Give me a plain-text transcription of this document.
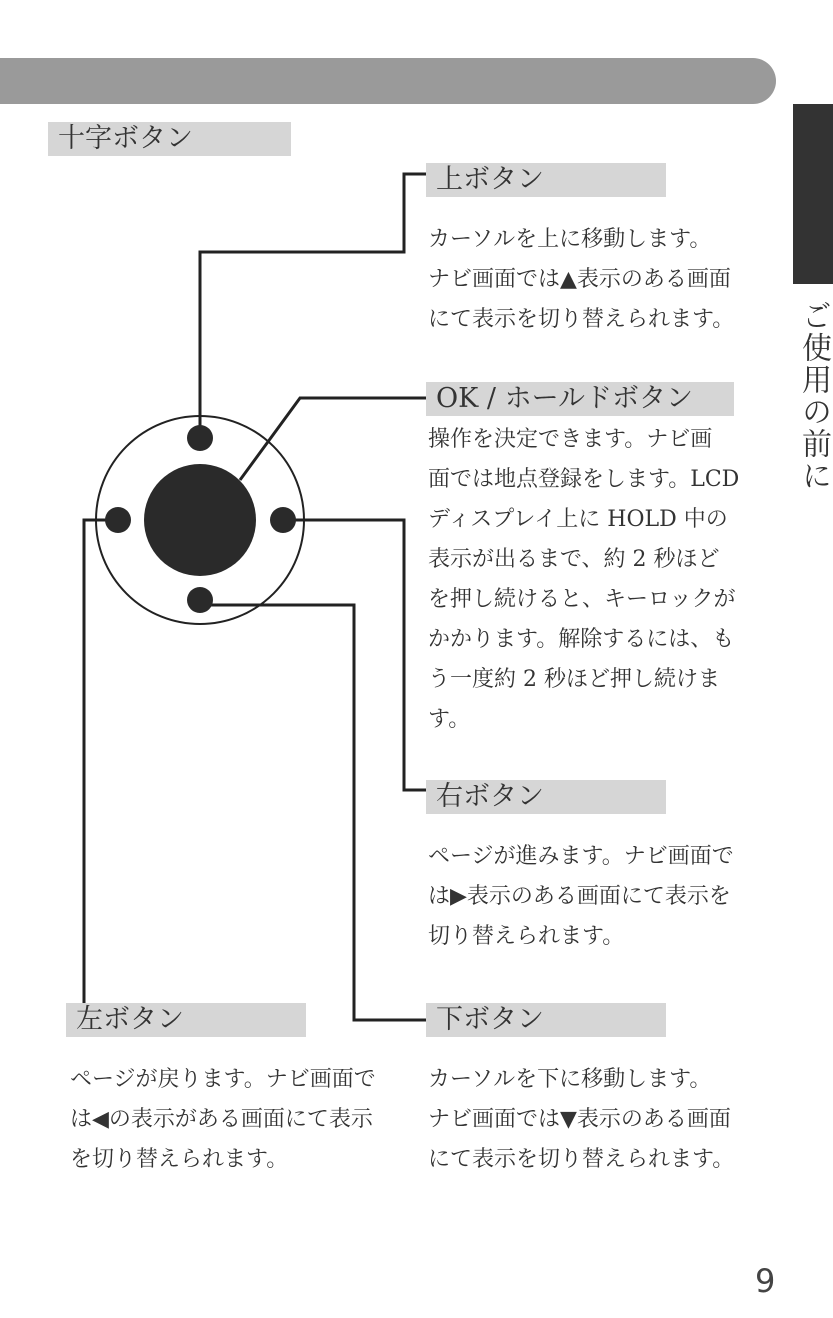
ご使用の前に
十字ボタン
上ボタン
カーソルを上に移動します。
ナビ画面では▲表示のある画面
にて表示を切り替えられます。
OK / ホールドボタン
操作を決定できます。ナビ画
面では地点登録をします。LCD
ディスプレイ上に HOLD 中の
表示が出るまで、約 2 秒ほど
を押し続けると、キーロックが
かかります。解除するには、も
う一度約 2 秒ほど押し続けま
す。
右ボタン
ページが進みます。ナビ画面で
は▶表示のある画面にて表示を
切り替えられます。
左ボタン
ページが戻ります。ナビ画面で
は◀の表示がある画面にて表示
を切り替えられます。
下ボタン
カーソルを下に移動します。
ナビ画面では▼表示のある画面
にて表示を切り替えられます。
9
